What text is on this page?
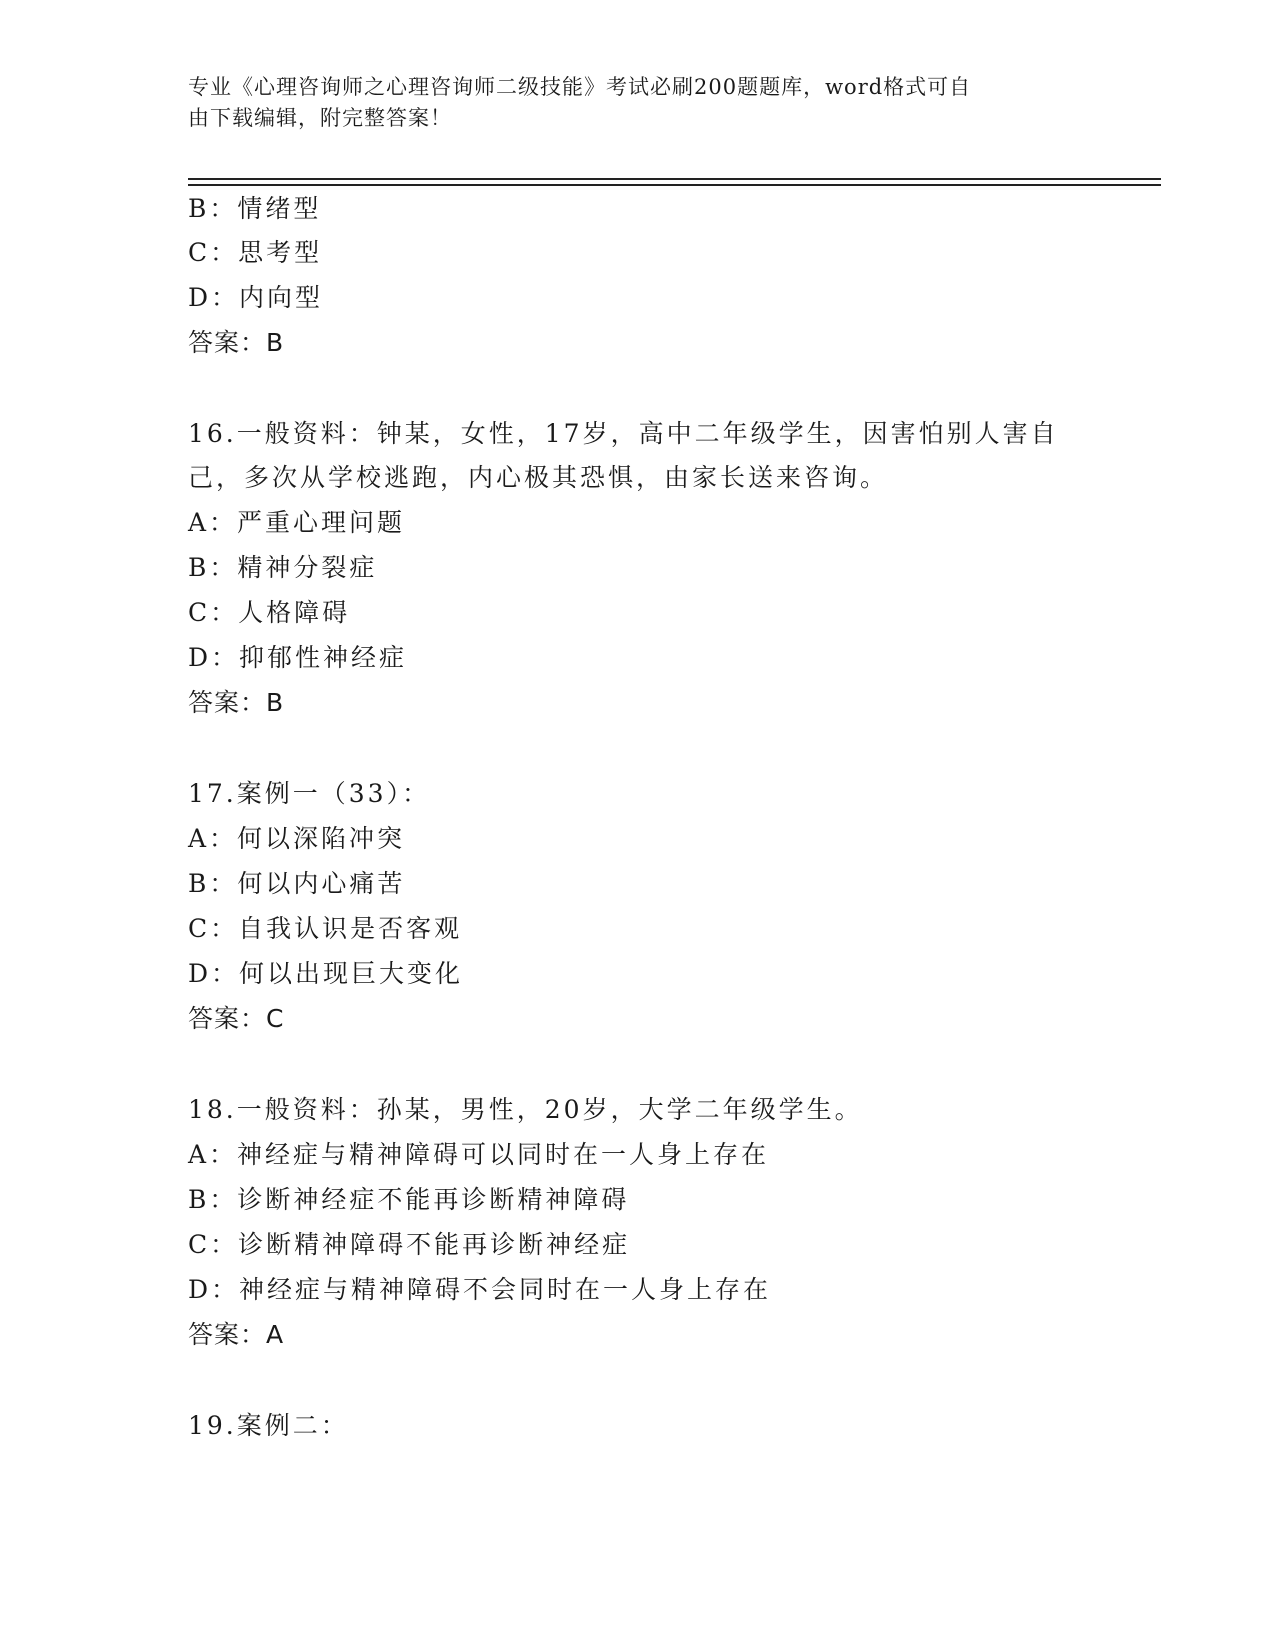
专业《心理咨询师之心理咨询师二级技能》考试必刷200题题库，word格式可自
由下载编辑，附完整答案！
B：情绪型
C：思考型
D：内向型
答案：B
16.一般资料：钟某，女性，17岁，高中二年级学生，因害怕别人害自
己，多次从学校逃跑，内心极其恐惧，由家长送来咨询。
A：严重心理问题
B：精神分裂症
C：人格障碍
D：抑郁性神经症
答案：B
17.案例一（33）：
A：何以深陷冲突
B：何以内心痛苦
C：自我认识是否客观
D：何以出现巨大变化
答案：C
18.一般资料：孙某，男性，20岁，大学二年级学生。
A：神经症与精神障碍可以同时在一人身上存在
B：诊断神经症不能再诊断精神障碍
C：诊断精神障碍不能再诊断神经症
D：神经症与精神障碍不会同时在一人身上存在
答案：A
19.案例二：
